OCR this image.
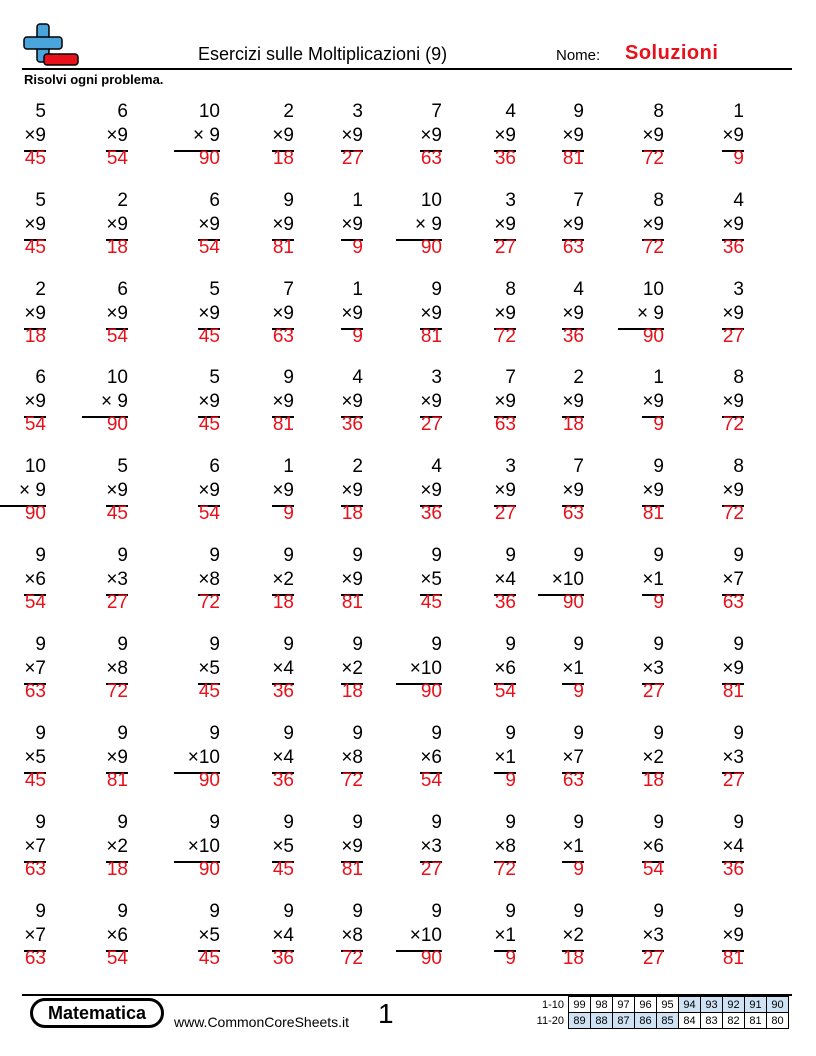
Esercizi sulle Moltiplicazioni (9)	Nome: Soluzioni
Risolvi ogni problema.
5
×9
45
6
×9
54
10
× 9
90
2
×9
18
3
×9
27
7
×9
63
4
×9
36
9
×9
81
8
×9
72
1
×9
9
5
×9
45
2
×9
18
6
×9
54
9
×9
81
1
×9
9
10
× 9
90
3
×9
27
7
×9
63
8
×9
72
4
×9
36
2
×9
18
6
×9
54
5
×9
45
7
×9
63
1
×9
9
9
×9
81
8
×9
72
4
×9
36
10
× 9
90
3
×9
27
6
×9
54
10
× 9
90
5
×9
45
9
×9
81
4
×9
36
3
×9
27
7
×9
63
2
×9
18
1
×9
9
8
×9
72
10
× 9
90
5
×9
45
6
×9
54
1
×9
9
2
×9
18
4
×9
36
3
×9
27
7
×9
63
9
×9
81
8
×9
72
9
×6
54
9
×3
27
9
×8
72
9
×2
18
9
×9
81
9
×5
45
9
×4
36
9
×10
90
9
×1
9
9
×7
63
9
×7
63
9
×8
72
9
×5
45
9
×4
36
9
×2
18
9
×10
90
9
×6
54
9
×1
9
9
×3
27
9
×9
81
9
×5
45
9
×9
81
9
×10
90
9
×4
36
9
×8
72
9
×6
54
9
×1
9
9
×7
63
9
×2
18
9
×3
27
9
×7
63
9
×2
18
9
×10
90
9
×5
45
9
×9
81
9
×3
27
9
×8
72
9
×1
9
9
×6
54
9
×4
36
9
×7
63
9
×6
54
9
×5
45
9
×4
36
9
×8
72
9
×10
90
9
×1
9
9
×2
18
9
×3
27
9
×9
81
Matematica	www.CommonCoreSheets.it 1	1-10	99	98	97	96	95	94	93	92	91	90
11-20	89	88	87	86	85	84	83	82	81	80
